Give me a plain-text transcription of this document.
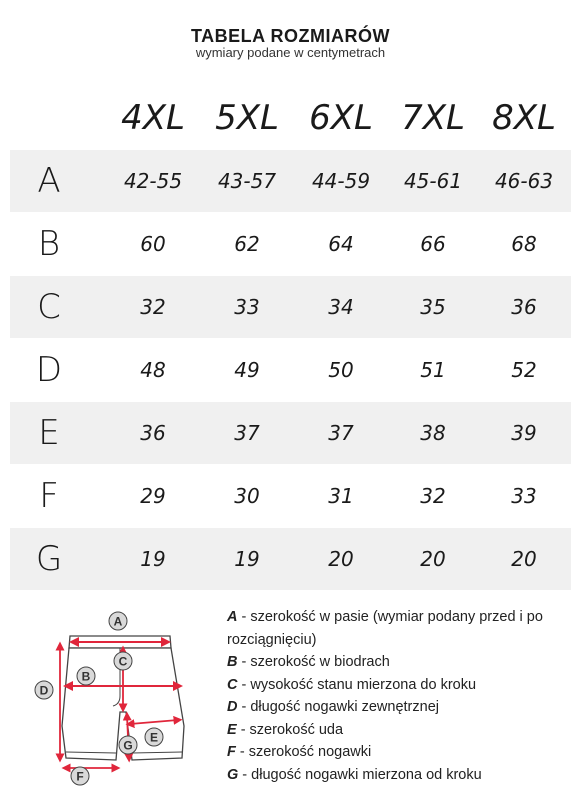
TABELA ROZMIARÓW
wymiary podane w centymetrach
4XL 5XL 6XL 7XL 8XL
A	42-55	43-57	44-59	45-61	46-63
B	60	62	64	66	68
C	32	33	34	35	36
D	48	49	50	51	52
E	36	37	37	38	39
F	29	30	31	32	33
G	19	19	20	20	20
A
B
C
D
E
F
G

A - szerokość w pasie (wymiar podany przed i po rozciągnięciu)

B - szerokość w biodrach

C - wysokość stanu mierzona do kroku

D - długość nogawki zewnętrznej

E - szerokość uda

F - szerokość nogawki

G - długość nogawki mierzona od kroku
